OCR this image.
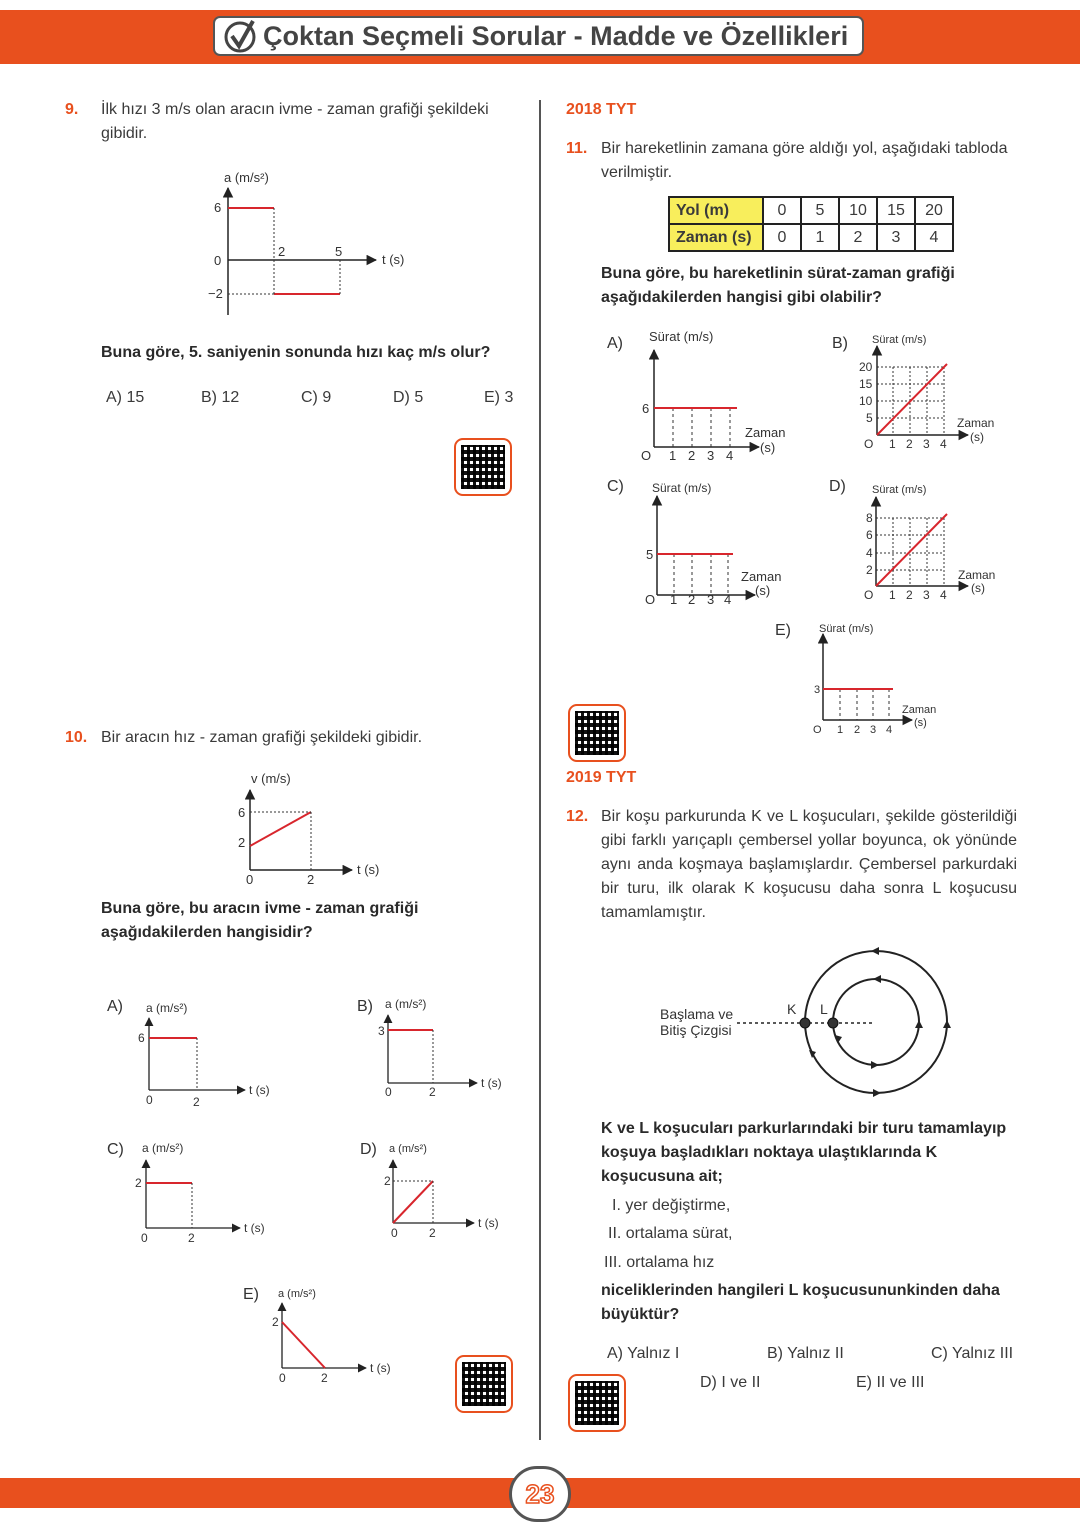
Çoktan Seçmeli Sorular - Madde ve Özellikleri
9. İlk hızı 3 m/s olan aracın ivme - zaman grafiği şekildeki gibidir.
Buna göre, 5. saniyenin sonunda hızı kaç m/s olur?
A) 15	B) 12	C) 9	D) 5	E) 3
10. Bir aracın hız - zaman grafiği şekildeki gibidir.
Buna göre, bu aracın ivme - zaman grafiği aşağıdakilerden hangisidir?
2018 TYT
11. Bir hareketlinin zamana göre aldığı yol, aşağıdaki tabloda verilmiştir.
Yol (m)	0	5	10	15	20
Zaman (s)	0	1	2	3	4
Buna göre, bu hareketlinin sürat-zaman grafiği aşağıdakilerden hangisi gibi olabilir?
2019 TYT
12. Bir koşu parkurunda K ve L koşucuları, şekilde gösterildiği gibi farklı yarıçaplı çembersel yollar boyunca, ok yönünde aynı anda koşmaya başlamışlardır. Çembersel parkurdaki bir turu, ilk olarak K koşucusu daha sonra L koşucusu tamamlamıştır.
K ve L koşucuları parkurlarındaki bir turu tamamlayıp koşuya başladıkları noktaya ulaştıklarında K koşucusuna ait;
I. yer değiştirme,
II. ortalama sürat,
III. ortalama hız
niceliklerinden hangileri L koşucusununkinden daha büyüktür?
A) Yalnız I	B) Yalnız II	C) Yalnız III
D) I ve II	E) II ve III
23
a (m/s²)
6
0
−2
2	5
t (s)
v (m/s)
6
2
0	2
t (s)
A) a (m/s²)
6
0	2
t (s)
B) a (m/s²)
3
0	2
t (s)
C) a (m/s²)
2
0	2
t (s)
D) a (m/s²)
2
0	2
t (s)
E) a (m/s²)
2
0	2
t (s)
A) Sürat (m/s)
6
O 1 2 3 4
Zaman
(s)
B) Sürat (m/s)
20
15
10
5
O 1 2 3 4
Zaman
(s)
C) Sürat (m/s)
5
O 1 2 3 4
Zaman
(s)
D) Sürat (m/s)
8
6
4
2
O 1 2 3 4
Zaman
(s)
E)	Sürat (m/s)
3
O 1 2 3 4
Zaman
(s)
Başlama ve
Bitiş Çizgisi
K L
